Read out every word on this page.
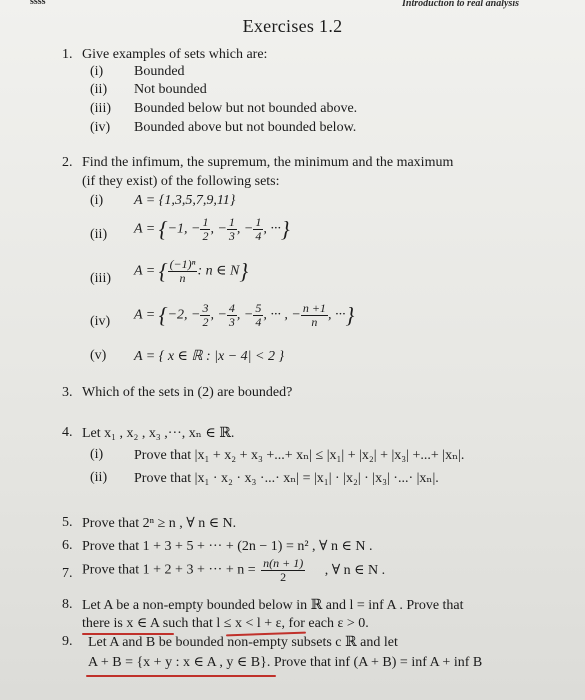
ssss	Introduction to real analysis
Exercises 1.2
1. Give examples of sets which are:
(i) Bounded
(ii) Not bounded
(iii) Bounded below but not bounded above.
(iv) Bounded above but not bounded below.
2. Find the infimum, the supremum, the minimum and the maximum
(if they exist) of the following sets:
(i) A = {1,3,5,7,9,11}
(ii) A = {−1, − $\frac{1}{2}$ , − $\frac{1}{3}$ , − $\frac{1}{4}$ , ···}
(iii) A = { $\frac{\text{(−1)ⁿ}}{n}$ : n ∈ N}
(iv) A = {−2, − $\frac{3}{2}$ , − $\frac{4}{3}$ , − $\frac{5}{4}$ , ··· , − $\frac{n +1}{n}$ , ···}
(v) A = { x ∈ ℝ : |x − 4| < 2 }
3. Which of the sets in (2) are bounded?
4. Let x₁ , x₂ , x₃ ,···, xₙ ∈ ℝ.
(i) Prove that |x₁ + x₂ + x₃ +...+ xₙ| ≤ |x₁| + |x₂| + |x₃| +...+ |xₙ|.
(ii) Prove that |x₁ · x₂ · x₃ ·...· xₙ| = |x₁| · |x₂| · |x₃| ·...· |xₙ|.
5. Prove that 2ⁿ ≥ n , ∀ n ∈ N.
6. Prove that 1 + 3 + 5 + ··· + (2n − 1) = n² , ∀ n ∈ N .
7. Prove that 1 + 2 + 3 + ··· + $n = \frac{n(n + 1)}{2}$ , ∀ n ∈ N .
8. Let A be a non-empty bounded below in ℝ and l = inf A . Prove that
there is x ∈ A such that l ≤ x < l + ε, for each ε > 0.
9. Let A and B be bounded non-empty subsets c ℝ and let
A + B = {x + y : x ∈ A , y ∈ B}. Prove that inf (A + B) = inf A + inf B
